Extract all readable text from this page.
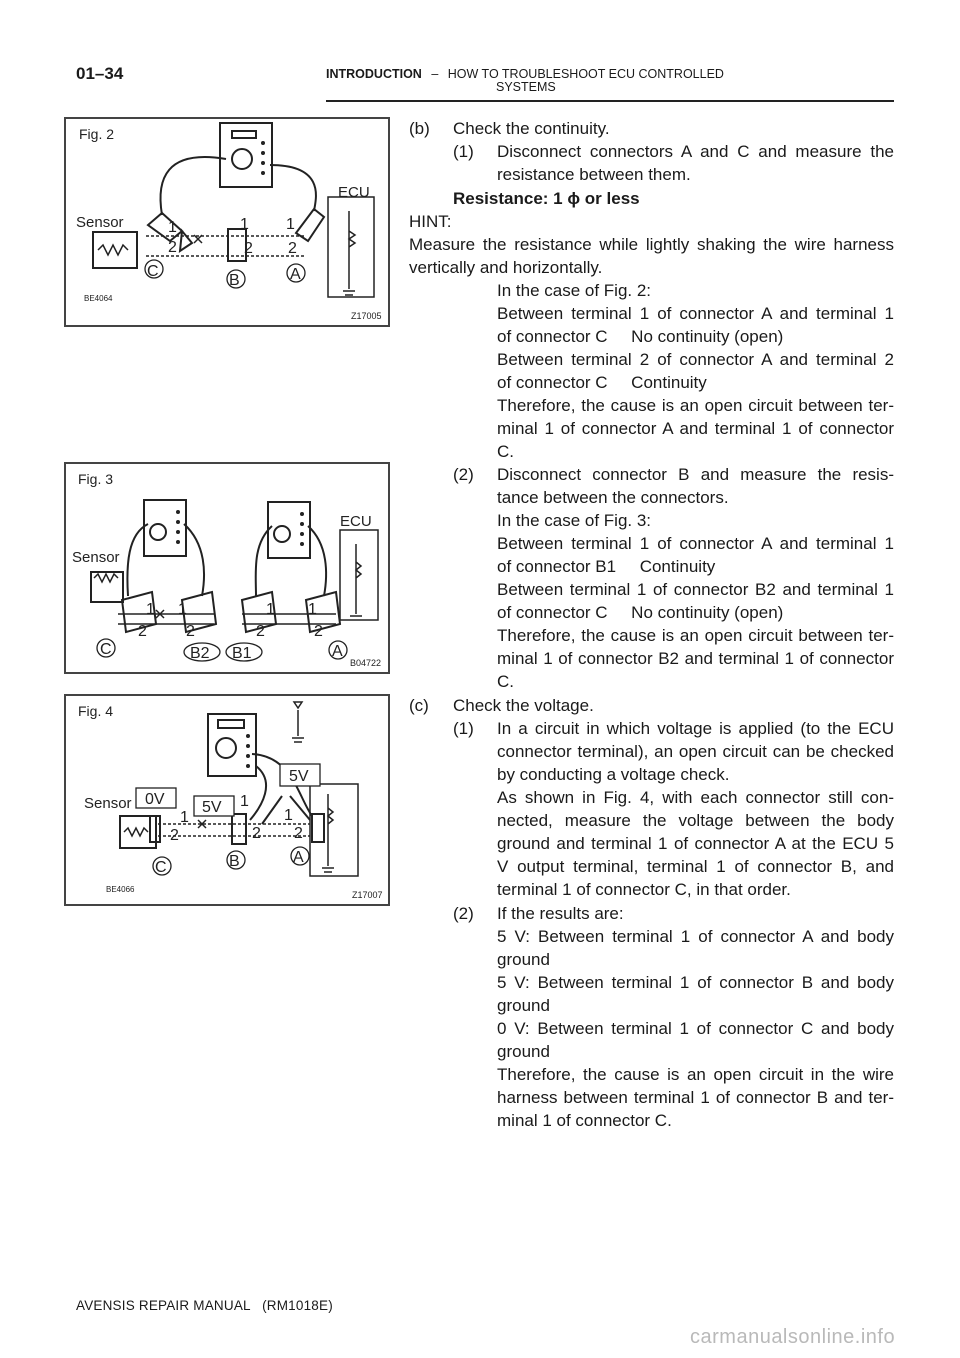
01–34	INTRODUCTION – HOW TO TROUBLESHOOT ECU CONTROLLED
SYSTEMS
Fig. 2
Sensor
ECU
1
2
1
2
1
2
C
B	A
BE4064
Z17005
Fig. 3
Sensor
ECU
1 1
2 2
1 1
2	2
C	B2 B1	A
B04722
Fig. 4
Sensor 0V 5V
5V
1
2
1
2
1
2
C	B	A
BE4066
Z17007
(b) Check the continuity.
(1) Disconnect connectors A and C and measure the
resistance between them.
Resistance: 1 ϕ or less
HINT:
Measure the resistance while lightly shaking the wire harness
vertically and horizontally.
In the case of Fig. 2:
Between terminal 1 of connector A and terminal 1
of connector C     No continuity (open)
Between terminal 2 of connector A and terminal 2
of connector C     Continuity
Therefore, the cause is an open circuit between ter-
minal 1 of connector A and terminal 1 of connector
C.
(2) Disconnect connector B and measure the resis-
tance between the connectors.
In the case of Fig. 3:
Between terminal 1 of connector A and terminal 1
of connector B1     Continuity
Between terminal 1 of connector B2 and terminal 1
of connector C     No continuity (open)
Therefore, the cause is an open circuit between ter-
minal 1 of connector B2 and terminal 1 of connector
C.
(c) Check the voltage.
(1) In a circuit in which voltage is applied (to the ECU
connector terminal), an open circuit can be checked
by conducting a voltage check.
As shown in Fig. 4, with each connector still con-
nected, measure the voltage between the body
ground and terminal 1 of connector A at the ECU 5
V output terminal, terminal 1 of connector B, and
terminal 1 of connector C, in that order.
(2) If the results are:
5 V: Between terminal 1 of connector A and body
ground
5 V: Between terminal 1 of connector B and body
ground
0 V: Between terminal 1 of connector C and body
ground
Therefore, the cause is an open circuit in the wire
harness between terminal 1 of connector B and ter-
minal 1 of connector C.
AVENSIS REPAIR MANUAL   (RM1018E)
carmanualsonline.info
